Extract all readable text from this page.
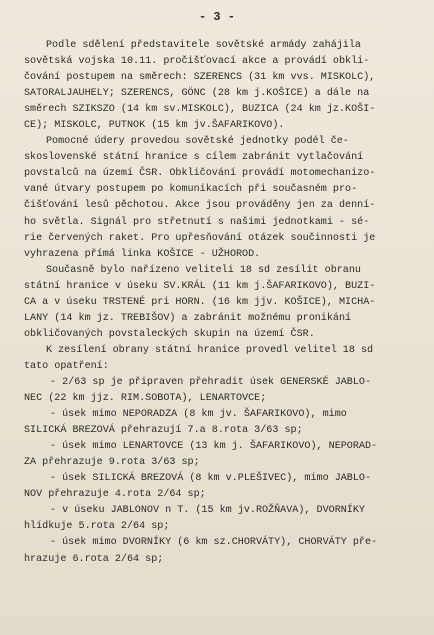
- 3 -
Podle sdělení představitele sovětské armády zahájila
sovětská vojska 10.11. pročišťovací akce a provádí obkli-
čování postupem na směrech: SZERENCS (31 km vvs. MISKOLC),
SATORALJAUHELY; SZERENCS, GÖNC (28 km j.KOŠICE) a dále na
směrech SZIKSZO (14 km sv.MISKOLC), BUZICA (24 km jz.KOŠI-
CE); MISKOLC, PUTNOK (15 km jv.ŠAFARIKOVO).
Pomocné údery provedou sovětské jednotky podél če-
skoslovenské státní hranice s cílem zabránit vytlačování
povstalců na území ČSR. Obkličování provádí motomechanizo-
vané útvary postupem po komunikacích při současném pro-
čišťování lesů pěchotou. Akce jsou prováděny jen za denní-
ho světla. Signál pro střetnutí s našimi jednotkami - sé-
rie červených raket. Pro upřesňování otázek součinnosti je
vyhrazena přímá linka KOŠICE - UŽHOROD.
Současně bylo nařízeno veliteli 18 sd zesílit obranu
státní hranice v úseku SV.KRÁL (11 km j.ŠAFARIKOVO), BUZI-
CA a v úseku TRSTENÉ pri HORN. (16 km jjv. KOŠICE), MICHA-
LANY (14 km jz. TREBIŠOV) a zabránit možnému pronikání
obkličovaných povstaleckých skupin na území ČSR.
K zesílení obrany státní hranice provedl velitel 18 sd
tato opatření:
- 2/63 sp je připraven přehradit úsek GENERSKÉ JABLO-
NEC (22 km jjz. RIM.SOBOTA), LENARTOVCE;
- úsek mimo NEPORADZA (8 km jv. ŠAFARIKOVO), mimo
SILICKÁ BREZOVÁ přehrazují 7.a 8.rota 3/63 sp;
- úsek mimo LENARTOVCE (13 km j. ŠAFARIKOVO), NEPORAD-
ZA přehrazuje 9.rota 3/63 sp;
- úsek SILICKÁ BREZOVÁ (8 km v.PLEŠIVEC), mimo JABLO-
NOV přehrazuje 4.rota 2/64 sp;
- v úseku JABLONOV n T. (15 km jv.ROŽŇAVA), DVORNÍKY
hlídkuje 5.rota 2/64 sp;
- úsek mimo DVORNÍKY (6 km sz.CHORVÁTY), CHORVÁTY pře-
hrazuje 6.rota 2/64 sp;
